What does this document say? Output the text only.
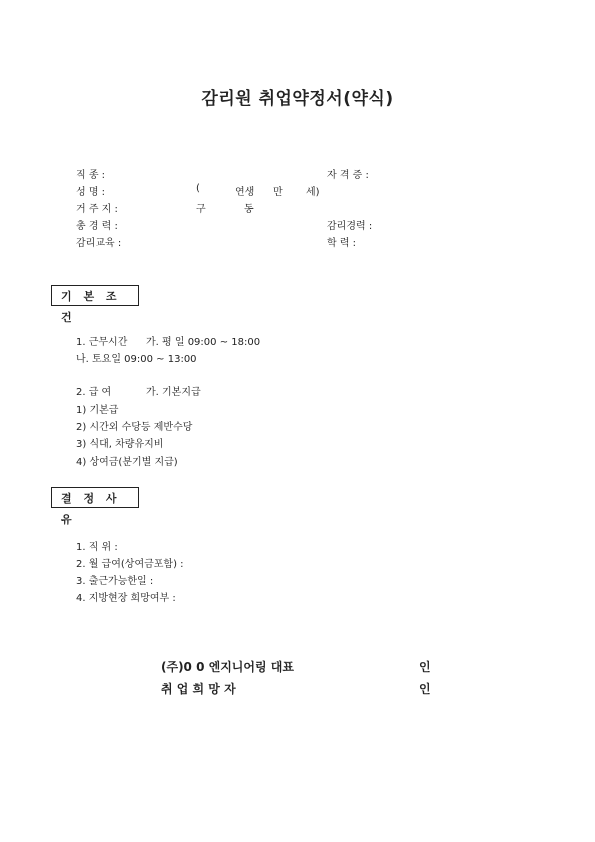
감리원 취업약정서(약식)
직 종 :	자 격 증 :
성 명 :	(	연생 만 세)
거 주 지 :	구	동
총 경 력 :	감리경력 :
감리교육 :	학 력 :
기 본 조 건
1. 근무시간 가. 평 일 09:00 ~ 18:00
나. 토요일 09:00 ~ 13:00
2. 급 여	가. 기본지급
1) 기본급
2) 시간외 수당등 제반수당
3) 식대, 차량유지비
4) 상여금(분기별 지급)
결 정 사 유
1. 직 위 :
2. 월 급여(상여금포함) :
3. 출근가능한일 :
4. 지방현장 희망여부 :
(주)0 0 엔지니어링 대표	인
취 업 희 망 자	인
